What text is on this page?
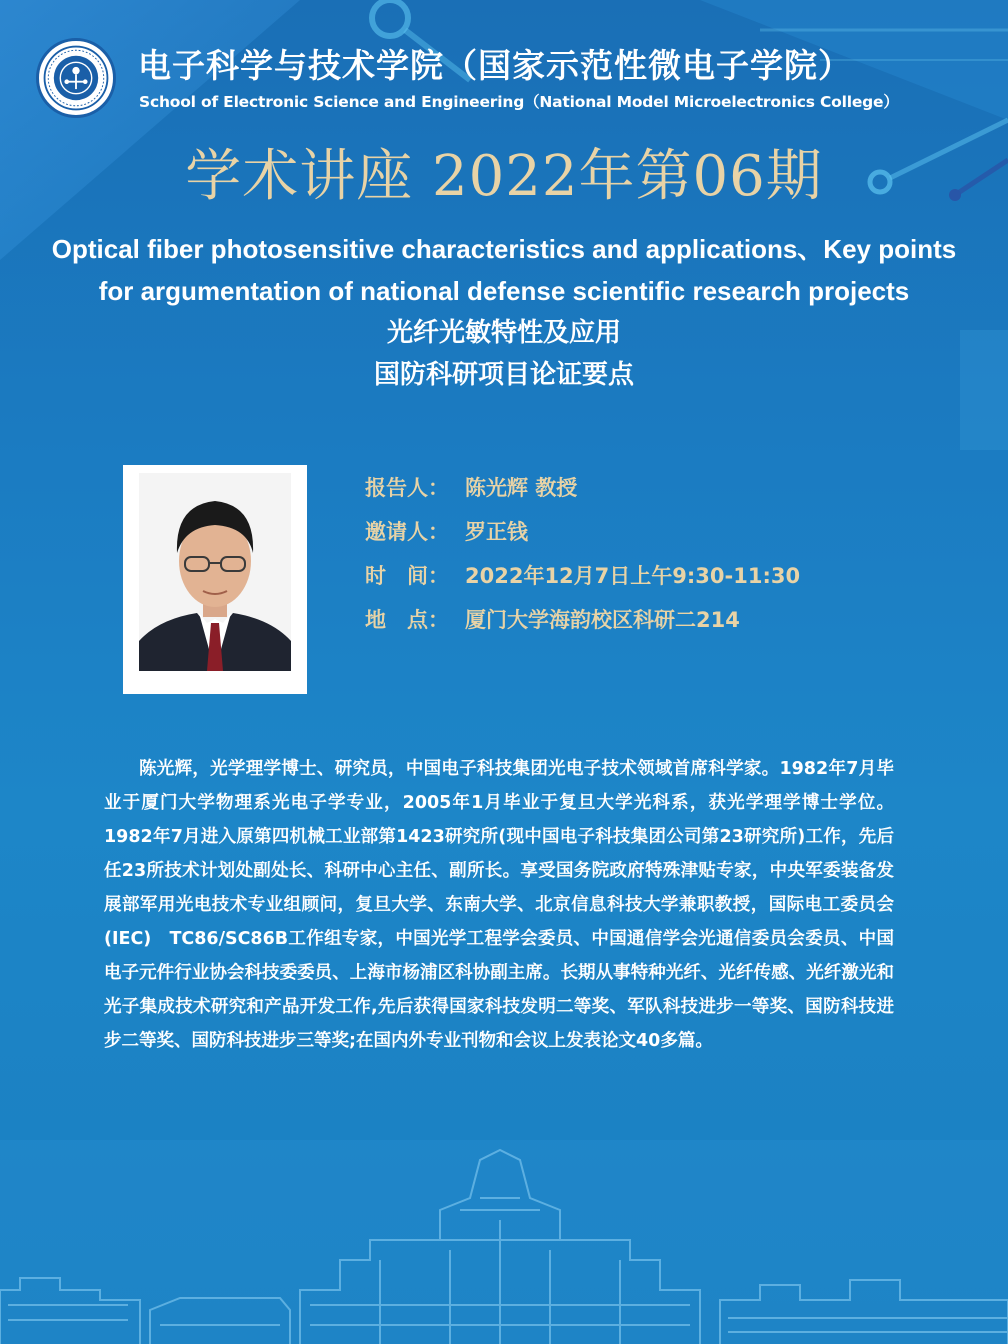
电子科学与技术学院（国家示范性微电子学院）
School of Electronic Science and Engineering（National Model Microelectronics College）
学术讲座 2022年第06期
Optical fiber photosensitive characteristics and applications、Key points
for argumentation of national defense scientific research projects
光纤光敏特性及应用
国防科研项目论证要点
报告人： 陈光辉 教授
邀请人： 罗正钱
时　间： 2022年12月7日上午9:30-11:30
地　点： 厦门大学海韵校区科研二214
陈光辉，光学理学博士、研究员，中国电子科技集团光电子技术领域首席科学家。1982年7月毕业于厦门大学物理系光电子学专业，2005年1月毕业于复旦大学光科系，获光学理学博士学位。1982年7月进入原第四机械工业部第1423研究所(现中国电子科技集团公司第23研究所)工作，先后任23所技术计划处副处长、科研中心主任、副所长。享受国务院政府特殊津贴专家，中央军委装备发展部军用光电技术专业组顾问，复旦大学、东南大学、北京信息科技大学兼职教授，国际电工委员会(IEC)　TC86/SC86B工作组专家，中国光学工程学会委员、中国通信学会光通信委员会委员、中国电子元件行业协会科技委委员、上海市杨浦区科协副主席。长期从事特种光纤、光纤传感、光纤激光和光子集成技术研究和产品开发工作,先后获得国家科技发明二等奖、军队科技进步一等奖、国防科技进步二等奖、国防科技进步三等奖;在国内外专业刊物和会议上发表论文40多篇。
